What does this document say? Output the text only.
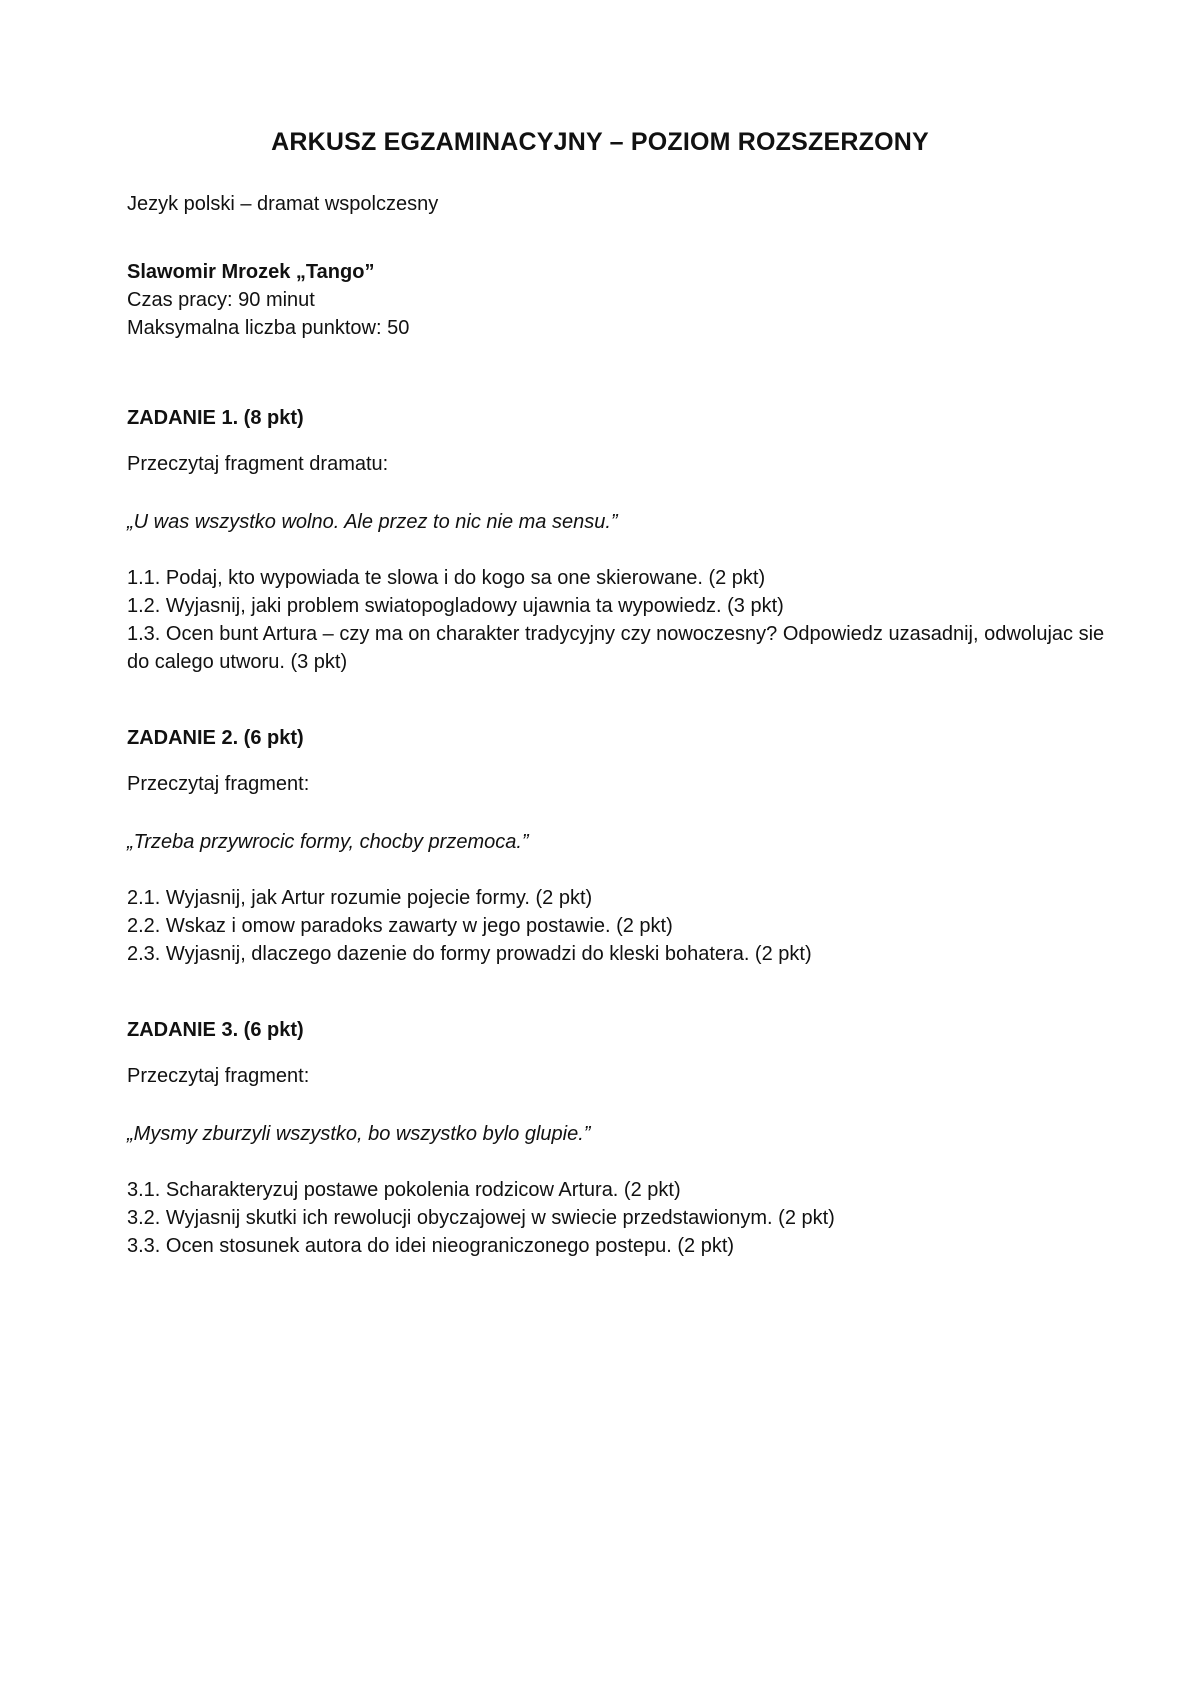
ARKUSZ EGZAMINACYJNY – POZIOM ROZSZERZONY

Jezyk polski – dramat wspolczesny

Slawomir Mrozek „Tango”

Czas pracy: 90 minut

Maksymalna liczba punktow: 50

ZADANIE 1. (8 pkt)

Przeczytaj fragment dramatu:

„U was wszystko wolno. Ale przez to nic nie ma sensu.”

1.1. Podaj, kto wypowiada te slowa i do kogo sa one skierowane. (2 pkt)
1.2. Wyjasnij, jaki problem swiatopogladowy ujawnia ta wypowiedz. (3 pkt)
1.3. Ocen bunt Artura – czy ma on charakter tradycyjny czy nowoczesny? Odpowiedz uzasadnij, odwolujac sie do calego utworu. (3 pkt)

ZADANIE 2. (6 pkt)

Przeczytaj fragment:

„Trzeba przywrocic formy, chocby przemoca.”

2.1. Wyjasnij, jak Artur rozumie pojecie formy. (2 pkt)
2.2. Wskaz i omow paradoks zawarty w jego postawie. (2 pkt)
2.3. Wyjasnij, dlaczego dazenie do formy prowadzi do kleski bohatera. (2 pkt)

ZADANIE 3. (6 pkt)

Przeczytaj fragment:

„Mysmy zburzyli wszystko, bo wszystko bylo glupie.”

3.1. Scharakteryzuj postawe pokolenia rodzicow Artura. (2 pkt)
3.2. Wyjasnij skutki ich rewolucji obyczajowej w swiecie przedstawionym. (2 pkt)
3.3. Ocen stosunek autora do idei nieograniczonego postepu. (2 pkt)
